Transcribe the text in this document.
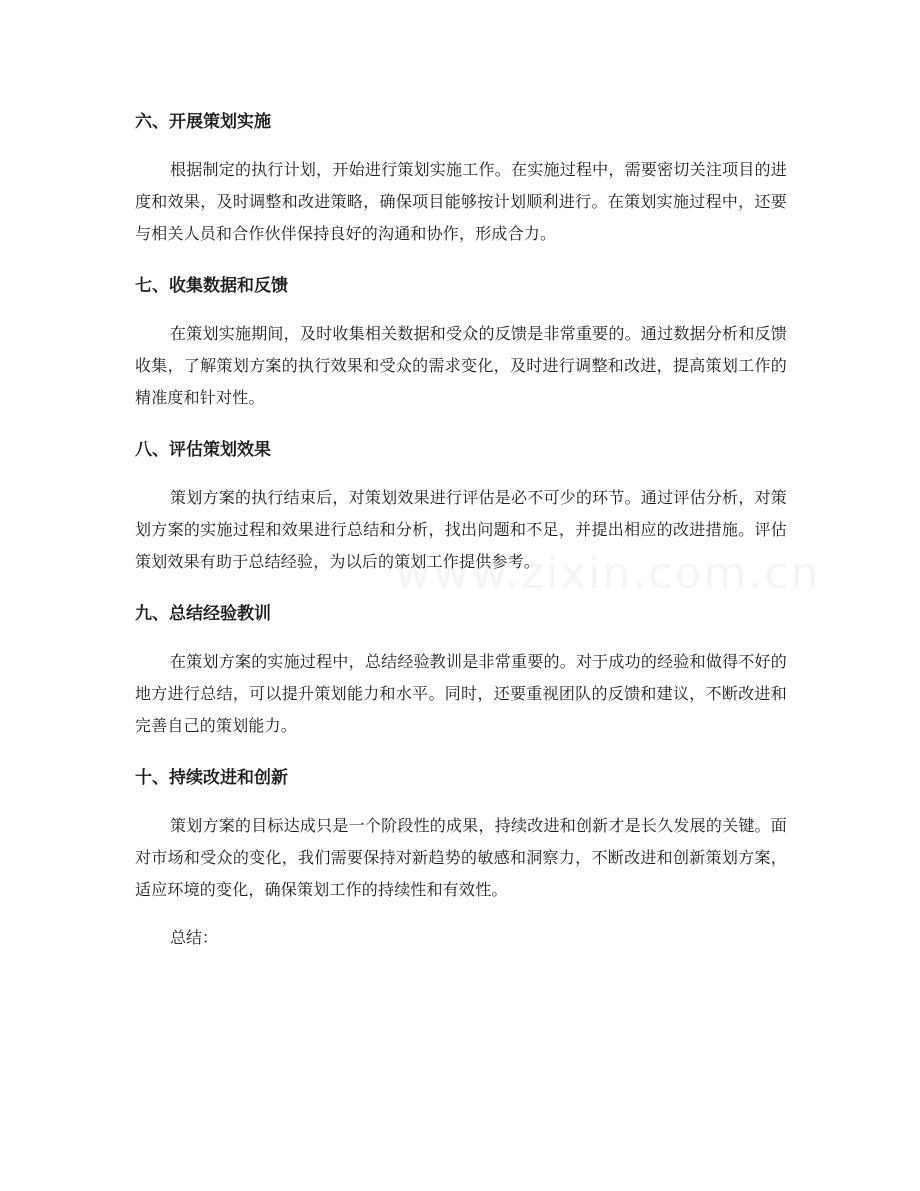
六、开展策划实施

根据制定的执行计划，开始进行策划实施工作。在实施过程中，需要密切关注项目的进度和效果，及时调整和改进策略，确保项目能够按计划顺利进行。在策划实施过程中，还要与相关人员和合作伙伴保持良好的沟通和协作，形成合力。

七、收集数据和反馈

在策划实施期间，及时收集相关数据和受众的反馈是非常重要的。通过数据分析和反馈收集，了解策划方案的执行效果和受众的需求变化，及时进行调整和改进，提高策划工作的精准度和针对性。

八、评估策划效果

策划方案的执行结束后，对策划效果进行评估是必不可少的环节。通过评估分析，对策划方案的实施过程和效果进行总结和分析，找出问题和不足，并提出相应的改进措施。评估策划效果有助于总结经验，为以后的策划工作提供参考。

九、总结经验教训

在策划方案的实施过程中，总结经验教训是非常重要的。对于成功的经验和做得不好的地方进行总结，可以提升策划能力和水平。同时，还要重视团队的反馈和建议，不断改进和完善自己的策划能力。

十、持续改进和创新

策划方案的目标达成只是一个阶段性的成果，持续改进和创新才是长久发展的关键。面对市场和受众的变化，我们需要保持对新趋势的敏感和洞察力，不断改进和创新策划方案，适应环境的变化，确保策划工作的持续性和有效性。

总结：
